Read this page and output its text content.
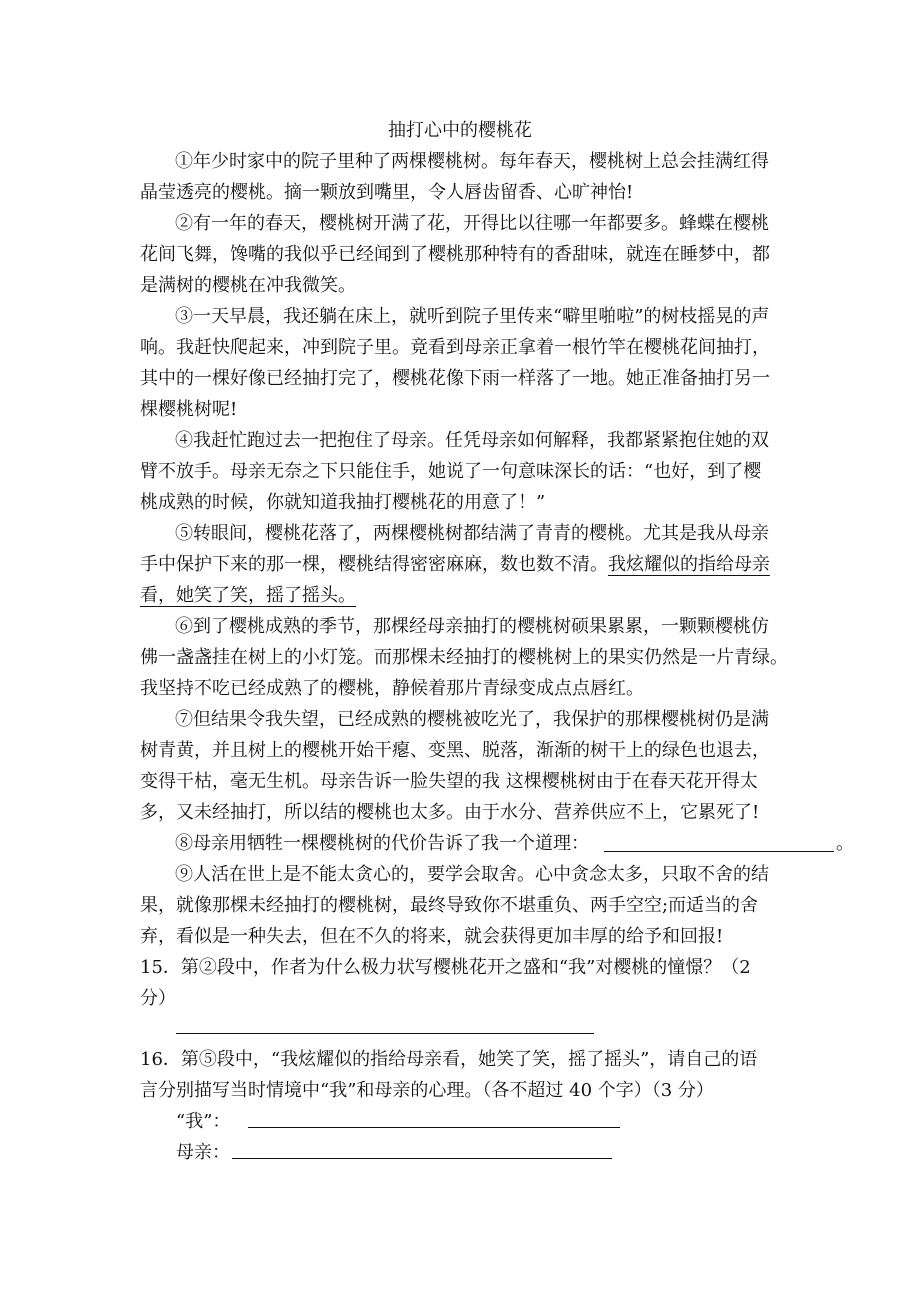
抽打心中的樱桃花
①年少时家中的院子里种了两棵樱桃树。每年春天，樱桃树上总会挂满红得
晶莹透亮的樱桃。摘一颗放到嘴里，令人唇齿留香、心旷神怡!
②有一年的春天，樱桃树开满了花，开得比以往哪一年都要多。蜂蝶在樱桃
花间飞舞，馋嘴的我似乎已经闻到了樱桃那种特有的香甜味，就连在睡梦中，都
是满树的樱桃在冲我微笑。
③一天早晨，我还躺在床上，就听到院子里传来“噼里啪啦”的树枝摇晃的声
响。我赶快爬起来，冲到院子里。竟看到母亲正拿着一根竹竿在樱桃花间抽打，
其中的一棵好像已经抽打完了，樱桃花像下雨一样落了一地。她正准备抽打另一
棵樱桃树呢!
④我赶忙跑过去一把抱住了母亲。任凭母亲如何解释，我都紧紧抱住她的双
臂不放手。母亲无奈之下只能住手，她说了一句意味深长的话：“也好，到了樱
桃成熟的时候，你就知道我抽打樱桃花的用意了！”
⑤转眼间，樱桃花落了，两棵樱桃树都结满了青青的樱桃。尤其是我从母亲
手中保护下来的那一棵，樱桃结得密密麻麻，数也数不清。我炫耀似的指给母亲
看，她笑了笑，摇了摇头。
⑥到了樱桃成熟的季节，那棵经母亲抽打的樱桃树硕果累累，一颗颗樱桃仿
佛一盏盏挂在树上的小灯笼。而那棵未经抽打的樱桃树上的果实仍然是一片青绿。
我坚持不吃已经成熟了的樱桃，静候着那片青绿变成点点唇红。
⑦但结果令我失望，已经成熟的樱桃被吃光了，我保护的那棵樱桃树仍是满
树青黄，并且树上的樱桃开始干瘪、变黑、脱落，渐渐的树干上的绿色也退去，
变得干枯，毫无生机。母亲告诉一脸失望的我 这棵樱桃树由于在春天花开得太
多，又未经抽打，所以结的樱桃也太多。由于水分、营养供应不上，它累死了!
⑧母亲用牺牲一棵樱桃树的代价告诉了我一个道理：	。
⑨人活在世上是不能太贪心的，要学会取舍。心中贪念太多，只取不舍的结
果，就像那棵未经抽打的樱桃树，最终导致你不堪重负、两手空空;而适当的舍
弃，看似是一种失去，但在不久的将来，就会获得更加丰厚的给予和回报!
15．第②段中，作者为什么极力状写樱桃花开之盛和“我”对樱桃的憧憬？（2
分）
16．第⑤段中，“我炫耀似的指给母亲看，她笑了笑，摇了摇头”，请自己的语
言分别描写当时情境中“我”和母亲的心理。（各不超过 40 个字）（3 分）
“我”：
母亲：
